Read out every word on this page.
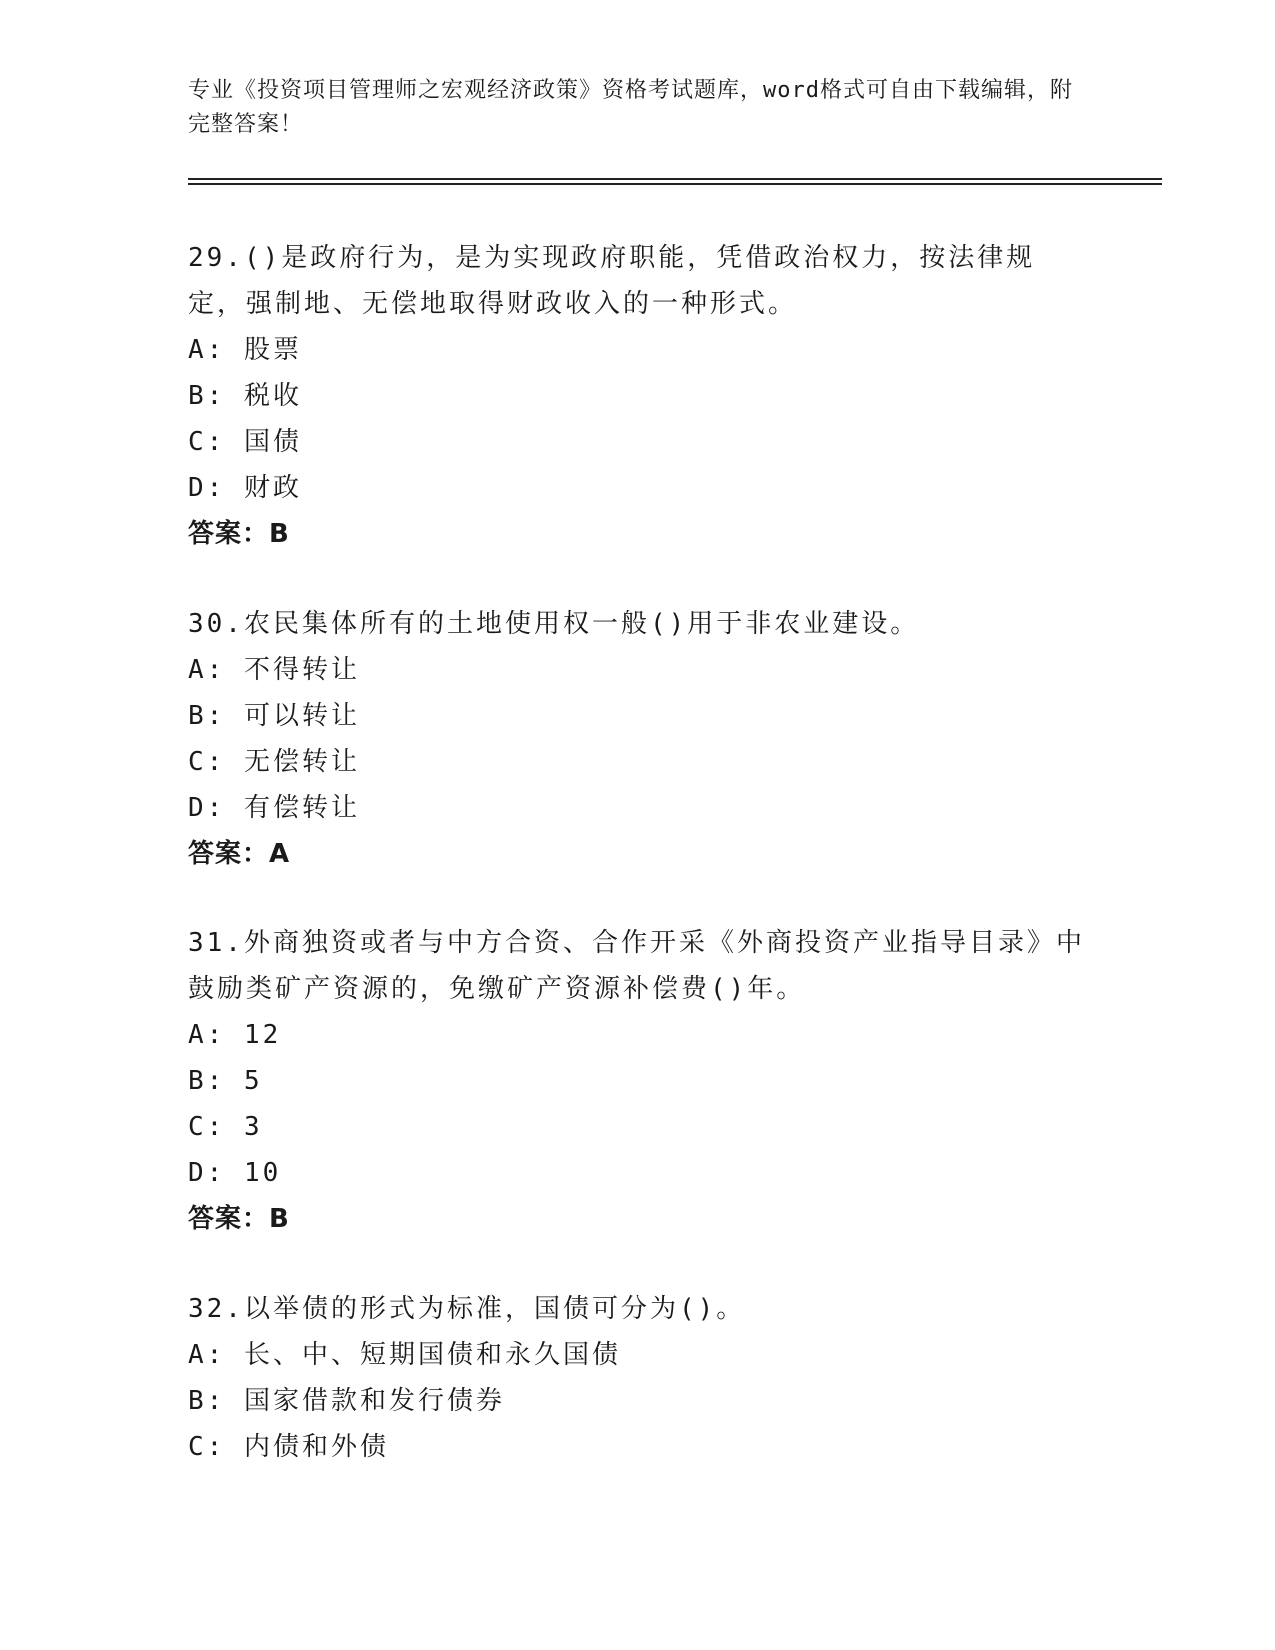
专业《投资项目管理师之宏观经济政策》资格考试题库，word格式可自由下载编辑，附完整答案！

29.()是政府行为，是为实现政府职能，凭借政治权力，按法律规定，强制地、无偿地取得财政收入的一种形式。

A: 股票

B: 税收

C: 国债

D: 财政

答案：B

30.农民集体所有的土地使用权一般()用于非农业建设。

A: 不得转让

B: 可以转让

C: 无偿转让

D: 有偿转让

答案：A

31.外商独资或者与中方合资、合作开采《外商投资产业指导目录》中鼓励类矿产资源的，免缴矿产资源补偿费()年。

A: 12

B: 5

C: 3

D: 10

答案：B

32.以举债的形式为标准，国债可分为()。

A: 长、中、短期国债和永久国债

B: 国家借款和发行债券

C: 内债和外债
